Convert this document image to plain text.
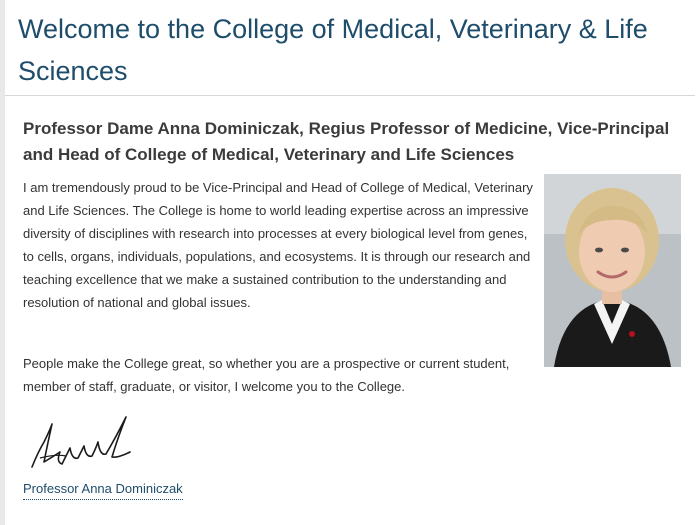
Welcome to the College of Medical, Veterinary & Life Sciences
Professor Dame Anna Dominiczak, Regius Professor of Medicine, Vice-Principal and Head of College of Medical, Veterinary and Life Sciences

I am tremendously proud to be Vice-Principal and Head of College of Medical, Veterinary and Life Sciences. The College is home to world leading expertise across an impressive diversity of disciplines with research into processes at every biological level from genes, to cells, organs, individuals, populations, and ecosystems. It is through our research and teaching excellence that we make a sustained contribution to the understanding and resolution of national and global issues.

People make the College great, so whether you are a prospective or current student, member of staff, graduate, or visitor, I welcome you to the College.

Professor Anna Dominiczak
